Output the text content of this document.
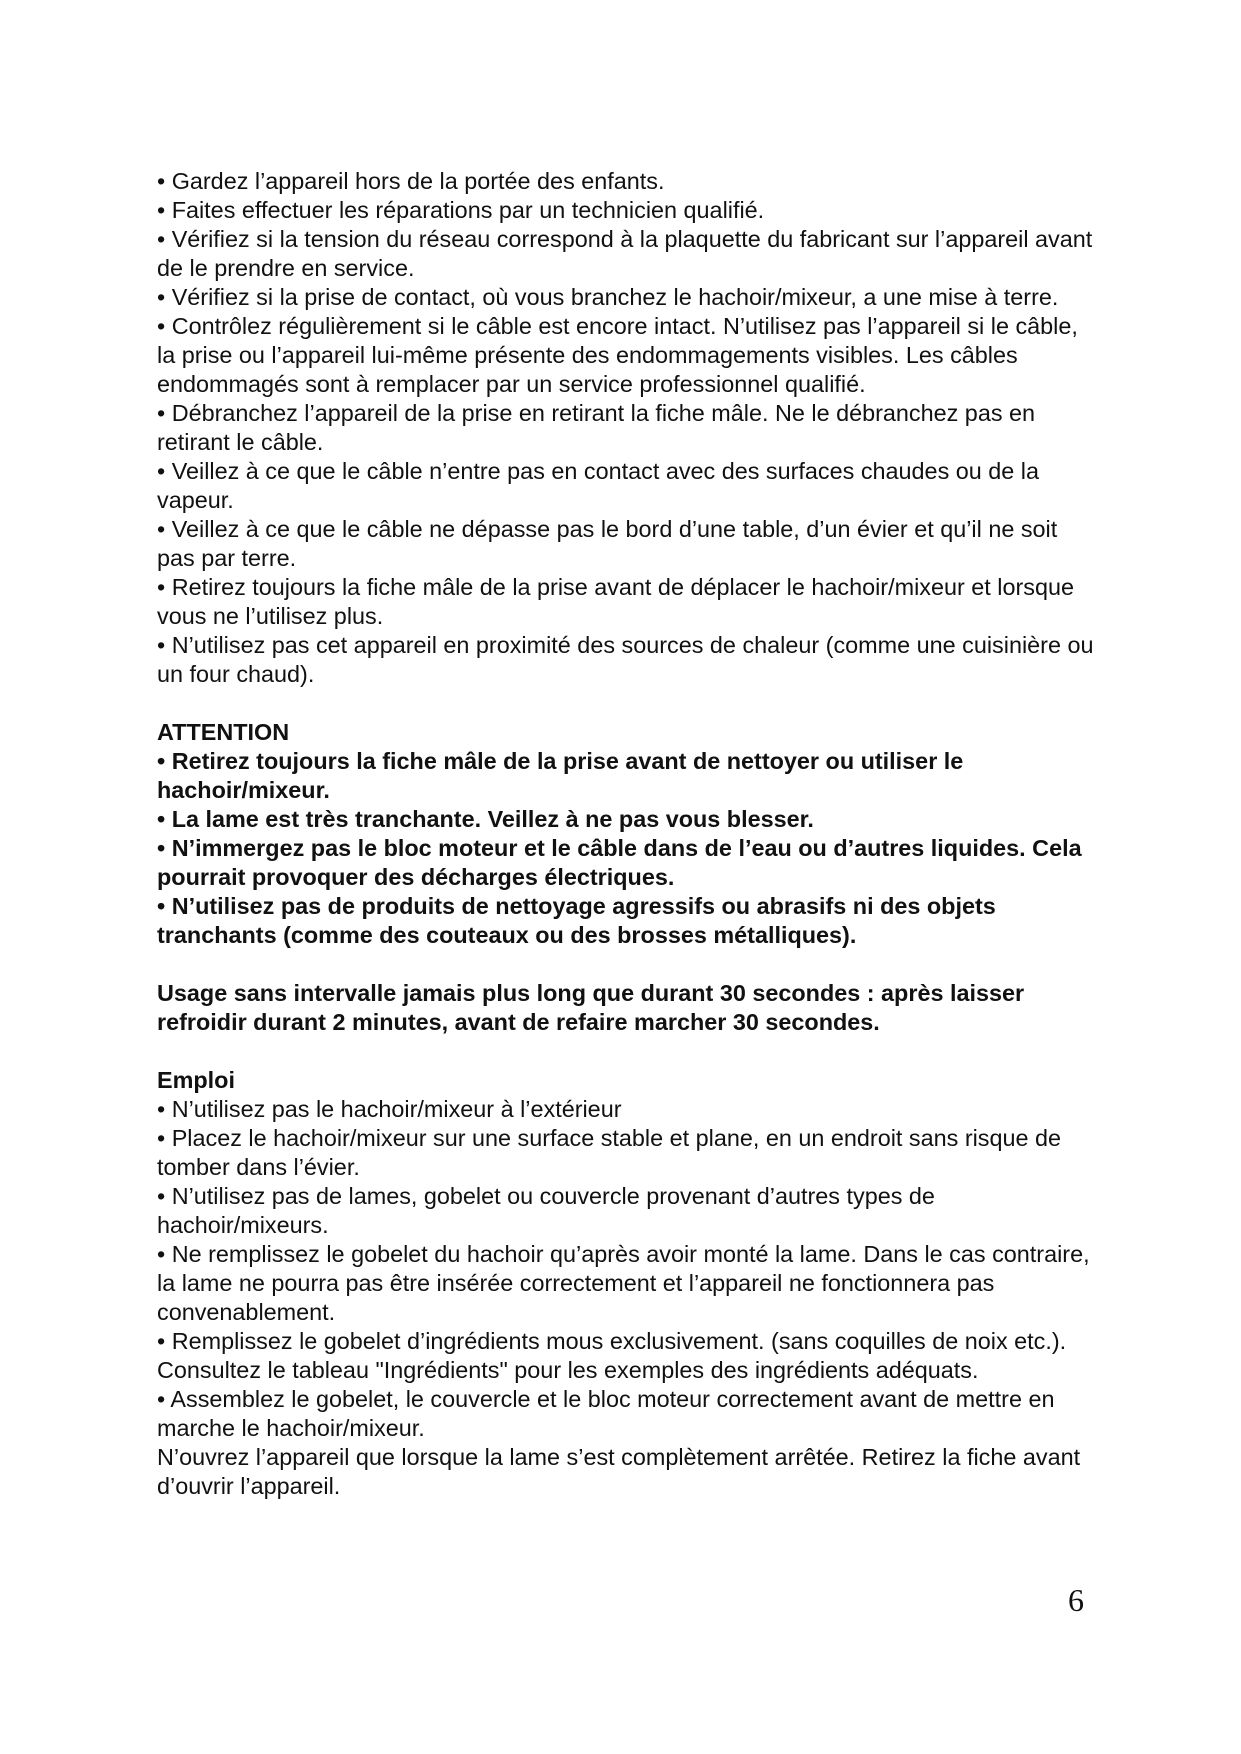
• Gardez l’appareil hors de la portée des enfants.

• Faites effectuer les réparations par un technicien qualifié.

• Vérifiez si la tension du réseau correspond à la plaquette du fabricant sur l’appareil avant de le prendre en service.

• Vérifiez si la prise de contact, où vous branchez le hachoir/mixeur, a une mise à terre.

• Contrôlez régulièrement si le câble est encore intact. N’utilisez pas l’appareil si le câble, la prise ou l’appareil lui-même présente des endommagements visibles. Les câbles endommagés sont à remplacer par un service professionnel qualifié.

• Débranchez l’appareil de la prise en retirant la fiche mâle. Ne le débranchez pas en retirant le câble.

• Veillez à ce que le câble n’entre pas en contact avec des surfaces chaudes ou de la vapeur.

• Veillez à ce que le câble ne dépasse pas le bord d’une table, d’un évier et qu’il ne soit pas par terre.

• Retirez toujours la fiche mâle de la prise avant de déplacer le hachoir/mixeur et lorsque vous ne l’utilisez plus.

• N’utilisez pas cet appareil en proximité des sources de chaleur (comme une cuisinière ou un four chaud).

ATTENTION

• Retirez toujours la fiche mâle de la prise avant de nettoyer ou utiliser le hachoir/mixeur.

• La lame est très tranchante. Veillez à ne pas vous blesser.

• N’immergez pas le bloc moteur et le câble dans de l’eau ou d’autres liquides. Cela pourrait provoquer des décharges électriques.

• N’utilisez pas de produits de nettoyage agressifs ou abrasifs ni des objets tranchants (comme des couteaux ou des brosses métalliques).

Usage sans intervalle jamais plus long que durant 30 secondes : après laisser refroidir durant 2 minutes, avant de refaire marcher 30 secondes.

Emploi

• N’utilisez pas le hachoir/mixeur à l’extérieur

• Placez le hachoir/mixeur sur une surface stable et plane, en un endroit sans risque de tomber dans l’évier.

• N’utilisez pas de lames, gobelet ou couvercle provenant d’autres types de hachoir/mixeurs.

• Ne remplissez le gobelet du hachoir qu’après avoir monté la lame. Dans le cas contraire, la lame ne pourra pas être insérée correctement et l’appareil ne fonctionnera pas convenablement.

• Remplissez le gobelet d’ingrédients mous exclusivement. (sans coquilles de noix etc.). Consultez le tableau "Ingrédients" pour les exemples des ingrédients adéquats.

• Assemblez le gobelet, le couvercle et le bloc moteur correctement avant de mettre en marche le hachoir/mixeur.

N’ouvrez l’appareil que lorsque la lame s’est complètement arrêtée. Retirez la fiche avant d’ouvrir l’appareil.

6
